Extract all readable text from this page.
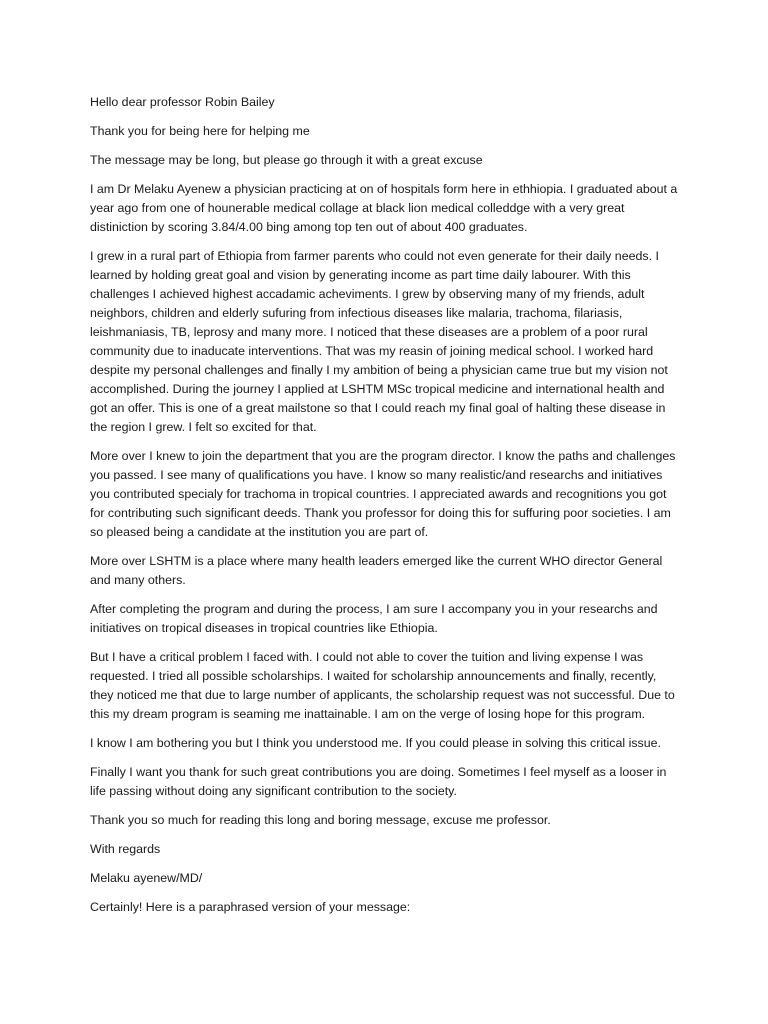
Hello dear professor Robin Bailey

Thank you for being here for helping me

The message may be long, but please go through it with a great excuse

I am Dr Melaku Ayenew a physician practicing at on of hospitals form here in ethhiopia. I graduated about a year ago from one of hounerable medical collage at black lion medical colleddge with a very great distiniction by scoring 3.84/4.00 bing among top ten out of about 400 graduates.

I grew in a rural part of Ethiopia from farmer parents who could not even generate for their daily needs. I learned by holding great goal and vision by generating income as part time daily labourer. With this challenges I achieved highest accadamic acheviments. I grew by observing many of my friends, adult neighbors, children and elderly sufuring from infectious diseases like malaria, trachoma, filariasis, leishmaniasis, TB, leprosy and many more. I noticed that these diseases are a problem of a poor rural community due to inaducate interventions. That was my reasin of joining medical school. I worked hard despite my personal challenges and finally I my ambition of being a physician came true but my vision not accomplished. During the journey I applied at LSHTM MSc tropical medicine and international health and got an offer. This is one of a great mailstone so that I could reach my final goal of halting these disease in the region I grew. I felt so excited for that.

More over I knew to join the department that you are the program director. I know the paths and challenges you passed. I see many of qualifications you have. I know so many realistic/and researchs and initiatives you contributed specialy for trachoma in tropical countries. I appreciated awards and recognitions you got for contributing such significant deeds. Thank you professor for doing this for suffuring poor societies. I am so pleased being a candidate at the institution you are part of.

More over LSHTM is a place where many health leaders emerged like the current WHO director General and many others.

After completing the program and during the process, I am sure I accompany you in your researchs and initiatives on tropical diseases in tropical countries like Ethiopia.

But I have a critical problem I faced with. I could not able to cover the tuition and living expense I was requested. I tried all possible scholarships. I waited for scholarship announcements and finally, recently, they noticed me that due to large number of applicants, the scholarship request was not successful. Due to this my dream program is seaming me inattainable. I am on the verge of losing hope for this program.

I know I am bothering you but I think you understood me. If you could please in solving this critical issue.

Finally I want you thank for such great contributions you are doing. Sometimes I feel myself as a looser in life passing without doing any significant contribution to the society.

Thank you so much for reading this long and boring message, excuse me professor.

With regards

Melaku ayenew/MD/

Certainly! Here is a paraphrased version of your message:
